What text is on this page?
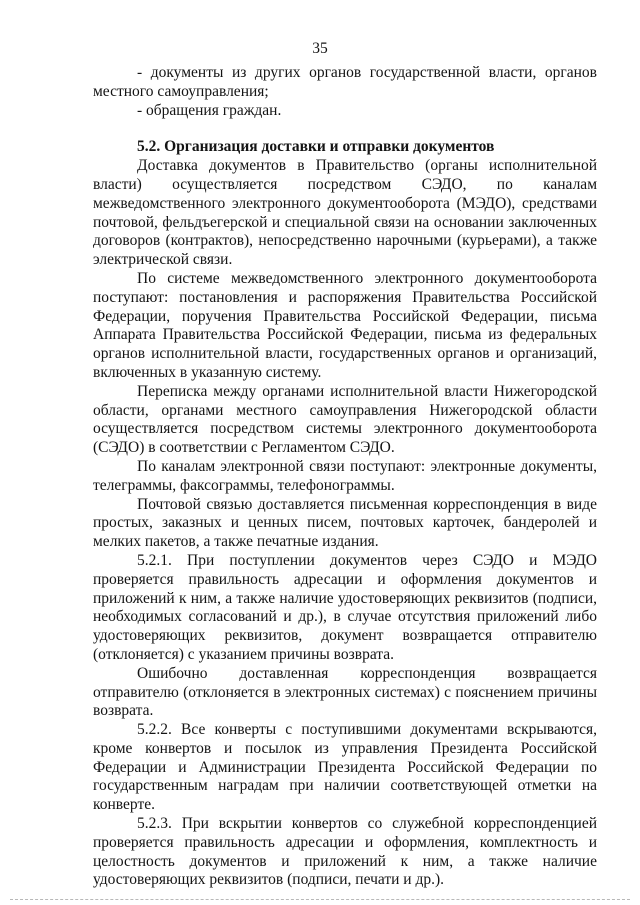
35

- документы из других органов государственной власти, органов местного самоуправления;

- обращения граждан.

5.2. Организация доставки и отправки документов

Доставка документов в Правительство (органы исполнительной власти) осуществляется посредством СЭДО, по каналам межведомственного электронного документооборота (МЭДО), средствами почтовой, фельдъегерской и специальной связи на основании заключенных договоров (контрактов), непосредственно нарочными (курьерами), а также электрической связи.

По системе межведомственного электронного документооборота поступают: постановления и распоряжения Правительства Российской Федерации, поручения Правительства Российской Федерации, письма Аппарата Правительства Российской Федерации, письма из федеральных органов исполнительной власти, государственных органов и организаций, включенных в указанную систему.

Переписка между органами исполнительной власти Нижегородской области, органами местного самоуправления Нижегородской области осуществляется посредством системы электронного документооборота (СЭДО) в соответствии с Регламентом СЭДО.

По каналам электронной связи поступают: электронные документы, телеграммы, факсограммы, телефонограммы.

Почтовой связью доставляется письменная корреспонденция в виде простых, заказных и ценных писем, почтовых карточек, бандеролей и мелких пакетов, а также печатные издания.

5.2.1. При поступлении документов через СЭДО и МЭДО проверяется правильность адресации и оформления документов и приложений к ним, а также наличие удостоверяющих реквизитов (подписи, необходимых согласований и др.), в случае отсутствия приложений либо удостоверяющих реквизитов, документ возвращается отправителю (отклоняется) с указанием причины возврата.

Ошибочно доставленная корреспонденция возвращается отправителю (отклоняется в электронных системах) с пояснением причины возврата.

5.2.2. Все конверты с поступившими документами вскрываются, кроме конвертов и посылок из управления Президента Российской Федерации и Администрации Президента Российской Федерации по государственным наградам при наличии соответствующей отметки на конверте.

5.2.3. При вскрытии конвертов со служебной корреспонденцией проверяется правильность адресации и оформления, комплектность и целостность документов и приложений к ним, а также наличие удостоверяющих реквизитов (подписи, печати и др.).
